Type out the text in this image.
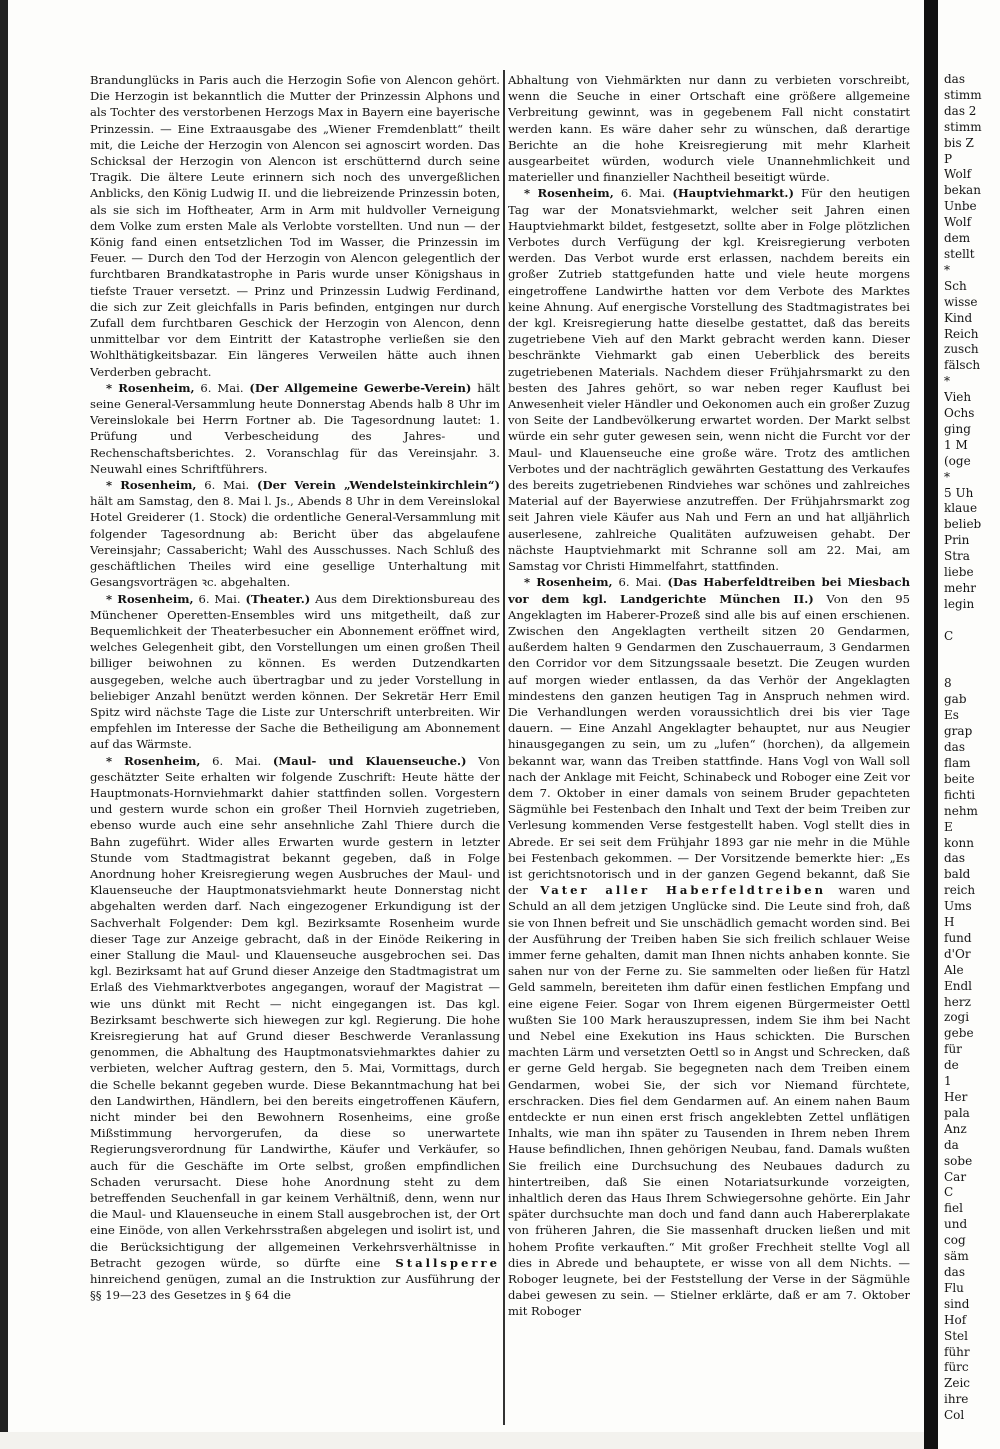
Brandunglücks in Paris auch die Herzogin Sofie von Alencon gehört. Die Herzogin ist bekanntlich die Mutter der Prinzessin Alphons und als Tochter des verstorbenen Herzogs Max in Bayern eine bayerische Prinzessin. — Eine Extraausgabe des „Wiener Fremdenblatt“ theilt mit, die Leiche der Herzogin von Alencon sei agnoscirt worden. Das Schicksal der Herzogin von Alencon ist erschütternd durch seine Tragik. Die ältere Leute erinnern sich noch des unvergeßlichen Anblicks, den König Ludwig II. und die liebreizende Prinzessin boten, als sie sich im Hoftheater, Arm in Arm mit huldvoller Verneigung dem Volke zum ersten Male als Verlobte vorstellten. Und nun — der König fand einen entsetzlichen Tod im Wasser, die Prinzessin im Feuer. — Durch den Tod der Herzogin von Alencon gelegentlich der furchtbaren Brandkatastrophe in Paris wurde unser Königshaus in tiefste Trauer versetzt. — Prinz und Prinzessin Ludwig Ferdinand, die sich zur Zeit gleichfalls in Paris befinden, entgingen nur durch Zufall dem furchtbaren Geschick der Herzogin von Alencon, denn unmittelbar vor dem Eintritt der Katastrophe verließen sie den Wohlthätigkeitsbazar. Ein längeres Verweilen hätte auch ihnen Verderben gebracht.

* Rosenheim, 6. Mai. (Der Allgemeine Gewerbe-Verein) hält seine General-Versammlung heute Donnerstag Abends halb 8 Uhr im Vereinslokale bei Herrn Fortner ab. Die Tagesordnung lautet: 1. Prüfung und Verbescheidung des Jahres- und Rechenschaftsberichtes. 2. Voranschlag für das Vereinsjahr. 3. Neuwahl eines Schriftführers.

* Rosenheim, 6. Mai. (Der Verein „Wendelsteinkirchlein“) hält am Samstag, den 8. Mai l. Js., Abends 8 Uhr in dem Vereinslokal Hotel Greiderer (1. Stock) die ordentliche General-Versammlung mit folgender Tagesordnung ab: Bericht über das abgelaufene Vereinsjahr; Cassabericht; Wahl des Ausschusses. Nach Schluß des geschäftlichen Theiles wird eine gesellige Unterhaltung mit Gesangsvorträgen ꝛc. abgehalten.

* Rosenheim, 6. Mai. (Theater.) Aus dem Direktionsbureau des Münchener Operetten-Ensembles wird uns mitgetheilt, daß zur Bequemlichkeit der Theaterbesucher ein Abonnement eröffnet wird, welches Gelegenheit gibt, den Vorstellungen um einen großen Theil billiger beiwohnen zu können. Es werden Dutzendkarten ausgegeben, welche auch übertragbar und zu jeder Vorstellung in beliebiger Anzahl benützt werden können. Der Sekretär Herr Emil Spitz wird nächste Tage die Liste zur Unterschrift unterbreiten. Wir empfehlen im Interesse der Sache die Betheiligung am Abonnement auf das Wärmste.

* Rosenheim, 6. Mai. (Maul- und Klauenseuche.) Von geschätzter Seite erhalten wir folgende Zuschrift: Heute hätte der Hauptmonats-Hornviehmarkt dahier stattfinden sollen. Vorgestern und gestern wurde schon ein großer Theil Hornvieh zugetrieben, ebenso wurde auch eine sehr ansehnliche Zahl Thiere durch die Bahn zugeführt. Wider alles Erwarten wurde gestern in letzter Stunde vom Stadtmagistrat bekannt gegeben, daß in Folge Anordnung hoher Kreisregierung wegen Ausbruches der Maul- und Klauenseuche der Hauptmonatsviehmarkt heute Donnerstag nicht abgehalten werden darf. Nach eingezogener Erkundigung ist der Sachverhalt Folgender: Dem kgl. Bezirksamte Rosenheim wurde dieser Tage zur Anzeige gebracht, daß in der Einöde Reikering in einer Stallung die Maul- und Klauenseuche ausgebrochen sei. Das kgl. Bezirksamt hat auf Grund dieser Anzeige den Stadtmagistrat um Erlaß des Viehmarktverbotes angegangen, worauf der Magistrat — wie uns dünkt mit Recht — nicht eingegangen ist. Das kgl. Bezirksamt beschwerte sich hiewegen zur kgl. Regierung. Die hohe Kreisregierung hat auf Grund dieser Beschwerde Veranlassung genommen, die Abhaltung des Hauptmonatsviehmarktes dahier zu verbieten, welcher Auftrag gestern, den 5. Mai, Vormittags, durch die Schelle bekannt gegeben wurde. Diese Bekanntmachung hat bei den Landwirthen, Händlern, bei den bereits eingetroffenen Käufern, nicht minder bei den Bewohnern Rosenheims, eine große Mißstimmung hervorgerufen, da diese so unerwartete Regierungsverordnung für Landwirthe, Käufer und Verkäufer, so auch für die Geschäfte im Orte selbst, großen empfindlichen Schaden verursacht. Diese hohe Anordnung steht zu dem betreffenden Seuchenfall in gar keinem Verhältniß, denn, wenn nur die Maul- und Klauenseuche in einem Stall ausgebrochen ist, der Ort eine Einöde, von allen Verkehrsstraßen abgelegen und isolirt ist, und die Berücksichtigung der allgemeinen Verkehrsverhältnisse in Betracht gezogen würde, so dürfte eine Stallsperre hinreichend genügen, zumal an die Instruktion zur Ausführung der §§ 19—23 des Gesetzes in § 64 die

Abhaltung von Viehmärkten nur dann zu verbieten vorschreibt, wenn die Seuche in einer Ortschaft eine größere allgemeine Verbreitung gewinnt, was in gegebenem Fall nicht constatirt werden kann. Es wäre daher sehr zu wünschen, daß derartige Berichte an die hohe Kreisregierung mit mehr Klarheit ausgearbeitet würden, wodurch viele Unannehmlichkeit und materieller und finanzieller Nachtheil beseitigt würde.

* Rosenheim, 6. Mai. (Hauptviehmarkt.) Für den heutigen Tag war der Monatsviehmarkt, welcher seit Jahren einen Hauptviehmarkt bildet, festgesetzt, sollte aber in Folge plötzlichen Verbotes durch Verfügung der kgl. Kreisregierung verboten werden. Das Verbot wurde erst erlassen, nachdem bereits ein großer Zutrieb stattgefunden hatte und viele heute morgens eingetroffene Landwirthe hatten vor dem Verbote des Marktes keine Ahnung. Auf energische Vorstellung des Stadtmagistrates bei der kgl. Kreisregierung hatte dieselbe gestattet, daß das bereits zugetriebene Vieh auf den Markt gebracht werden kann. Dieser beschränkte Viehmarkt gab einen Ueberblick des bereits zugetriebenen Materials. Nachdem dieser Frühjahrsmarkt zu den besten des Jahres gehört, so war neben reger Kauflust bei Anwesenheit vieler Händler und Oekonomen auch ein großer Zuzug von Seite der Landbevölkerung erwartet worden. Der Markt selbst würde ein sehr guter gewesen sein, wenn nicht die Furcht vor der Maul- und Klauenseuche eine große wäre. Trotz des amtlichen Verbotes und der nachträglich gewährten Gestattung des Verkaufes des bereits zugetriebenen Rindviehes war schönes und zahlreiches Material auf der Bayerwiese anzutreffen. Der Frühjahrsmarkt zog seit Jahren viele Käufer aus Nah und Fern an und hat alljährlich auserlesene, zahlreiche Qualitäten aufzuweisen gehabt. Der nächste Hauptviehmarkt mit Schranne soll am 22. Mai, am Samstag vor Christi Himmelfahrt, stattfinden.

* Rosenheim, 6. Mai. (Das Haberfeldtreiben bei Miesbach vor dem kgl. Landgerichte München II.) Von den 95 Angeklagten im Haberer-Prozeß sind alle bis auf einen erschienen. Zwischen den Angeklagten vertheilt sitzen 20 Gendarmen, außerdem halten 9 Gendarmen den Zuschauerraum, 3 Gendarmen den Corridor vor dem Sitzungssaale besetzt. Die Zeugen wurden auf morgen wieder entlassen, da das Verhör der Angeklagten mindestens den ganzen heutigen Tag in Anspruch nehmen wird. Die Verhandlungen werden voraussichtlich drei bis vier Tage dauern. — Eine Anzahl Angeklagter behauptet, nur aus Neugier hinausgegangen zu sein, um zu „lufen“ (horchen), da allgemein bekannt war, wann das Treiben stattfinde. Hans Vogl von Wall soll nach der Anklage mit Feicht, Schinabeck und Roboger eine Zeit vor dem 7. Oktober in einer damals von seinem Bruder gepachteten Sägmühle bei Festenbach den Inhalt und Text der beim Treiben zur Verlesung kommenden Verse festgestellt haben. Vogl stellt dies in Abrede. Er sei seit dem Frühjahr 1893 gar nie mehr in die Mühle bei Festenbach gekommen. — Der Vorsitzende bemerkte hier: „Es ist gerichtsnotorisch und in der ganzen Gegend bekannt, daß Sie der Vater aller Haberfeldtreiben waren und Schuld an all dem jetzigen Unglücke sind. Die Leute sind froh, daß sie von Ihnen befreit und Sie unschädlich gemacht worden sind. Bei der Ausführung der Treiben haben Sie sich freilich schlauer Weise immer ferne gehalten, damit man Ihnen nichts anhaben konnte. Sie sahen nur von der Ferne zu. Sie sammelten oder ließen für Hatzl Geld sammeln, bereiteten ihm dafür einen festlichen Empfang und eine eigene Feier. Sogar von Ihrem eigenen Bürgermeister Oettl wußten Sie 100 Mark herauszupressen, indem Sie ihm bei Nacht und Nebel eine Exekution ins Haus schickten. Die Burschen machten Lärm und versetzten Oettl so in Angst und Schrecken, daß er gerne Geld hergab. Sie begegneten nach dem Treiben einem Gendarmen, wobei Sie, der sich vor Niemand fürchtete, erschracken. Dies fiel dem Gendarmen auf. An einem nahen Baum entdeckte er nun einen erst frisch angeklebten Zettel unflätigen Inhalts, wie man ihn später zu Tausenden in Ihrem neben Ihrem Hause befindlichen, Ihnen gehörigen Neubau, fand. Damals wußten Sie freilich eine Durchsuchung des Neubaues dadurch zu hintertreiben, daß Sie einen Notariatsurkunde vorzeigten, inhaltlich deren das Haus Ihrem Schwiegersohne gehörte. Ein Jahr später durchsuchte man doch und fand dann auch Habererplakate von früheren Jahren, die Sie massenhaft drucken ließen und mit hohem Profite verkauften.“ Mit großer Frechheit stellte Vogl all dies in Abrede und behauptete, er wisse von all dem Nichts. — Roboger leugnete, bei der Feststellung der Verse in der Sägmühle dabei gewesen zu sein. — Stielner erklärte, daß er am 7. Oktober mit Roboger

das
stimm
das 2
stimm
bis Z
P
Wolf
bekan
Unbe
Wolf
dem
stellt
*
Sch
wisse
Kind
Reich
zusch
fälsch
*
Vieh
Ochs
ging
1 M
(oge
*
5 Uh
klaue
belieb
Prin
Stra
liebe
mehr
legin

C

8
gab
Es
grap
das
flam
beite
fichti
nehm
E
konn
das
bald
reich
Ums
H
fund
d'Or
Ale
Endl
herz
zogi
gebe
für
de
1
Her
pala
Anz
da
sobe
Car
C
fiel
und
cog
säm
das
Flu
sind
Hof
Stel
führ
fürc
Zeic
ihre
Col
